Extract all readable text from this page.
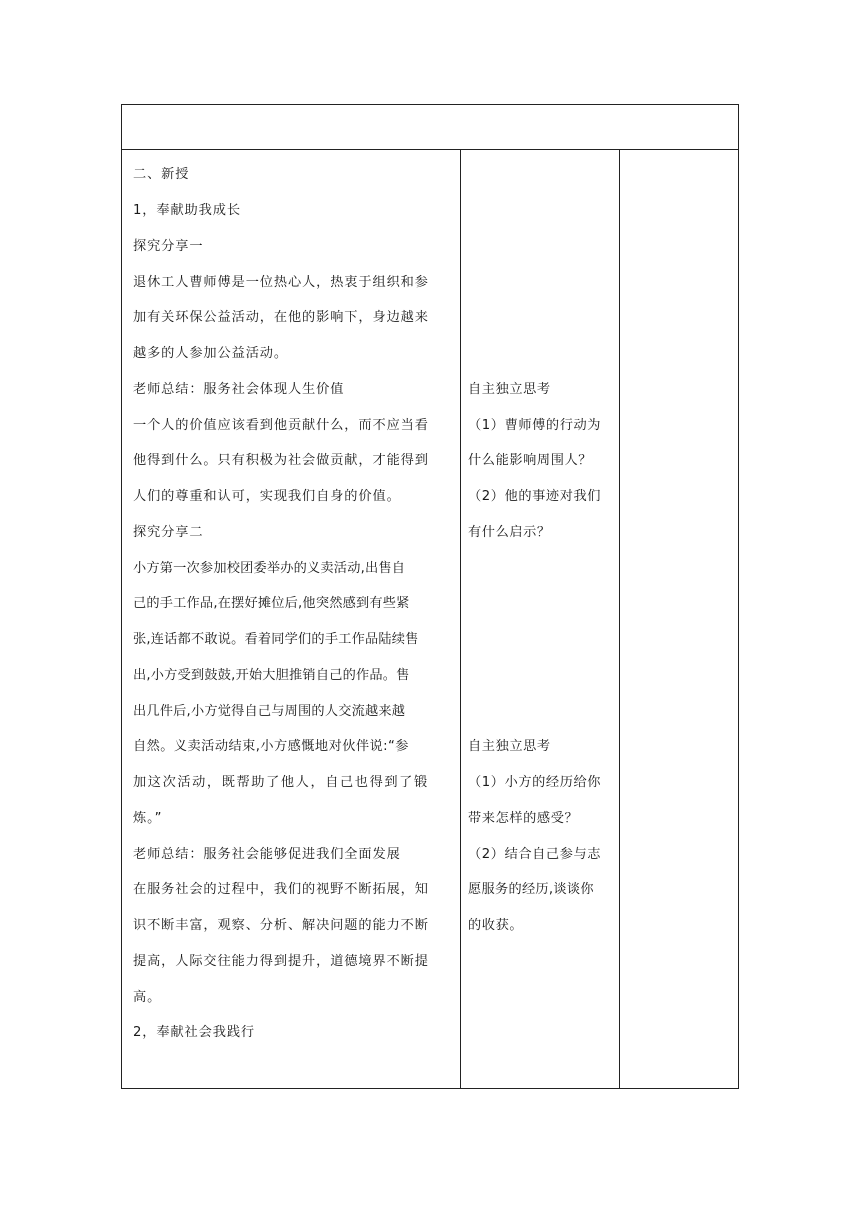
二、新授
1，奉献助我成长
探究分享一
退休工人曹师傅是一位热心人，热衷于组织和参
加有关环保公益活动，在他的影响下，身边越来
越多的人参加公益活动。
老师总结：服务社会体现人生价值
一个人的价值应该看到他贡献什么，而不应当看
他得到什么。只有积极为社会做贡献，才能得到
人们的尊重和认可，实现我们自身的价值。
探究分享二
小方第一次参加校团委举办的义卖活动,出售自
己的手工作品,在摆好摊位后,他突然感到有些紧
张,连话都不敢说。看着同学们的手工作品陆续售
出,小方受到鼓鼓,开始大胆推销自己的作品。售
出几件后,小方觉得自己与周围的人交流越来越
自然。义卖活动结束,小方感慨地对伙伴说:“参
加这次活动，既帮助了他人，自己也得到了锻
炼。”
老师总结：服务社会能够促进我们全面发展
在服务社会的过程中，我们的视野不断拓展，知
识不断丰富，观察、分析、解决问题的能力不断
提高，人际交往能力得到提升，道德境界不断提
高。
2，奉献社会我践行
自主独立思考
（1）曹师傅的行动为
什么能影响周围人？
（2）他的事迹对我们
有什么启示？
自主独立思考
（1）小方的经历给你
带来怎样的感受？
（2）结合自己参与志
愿服务的经历,谈谈你
的收获。
